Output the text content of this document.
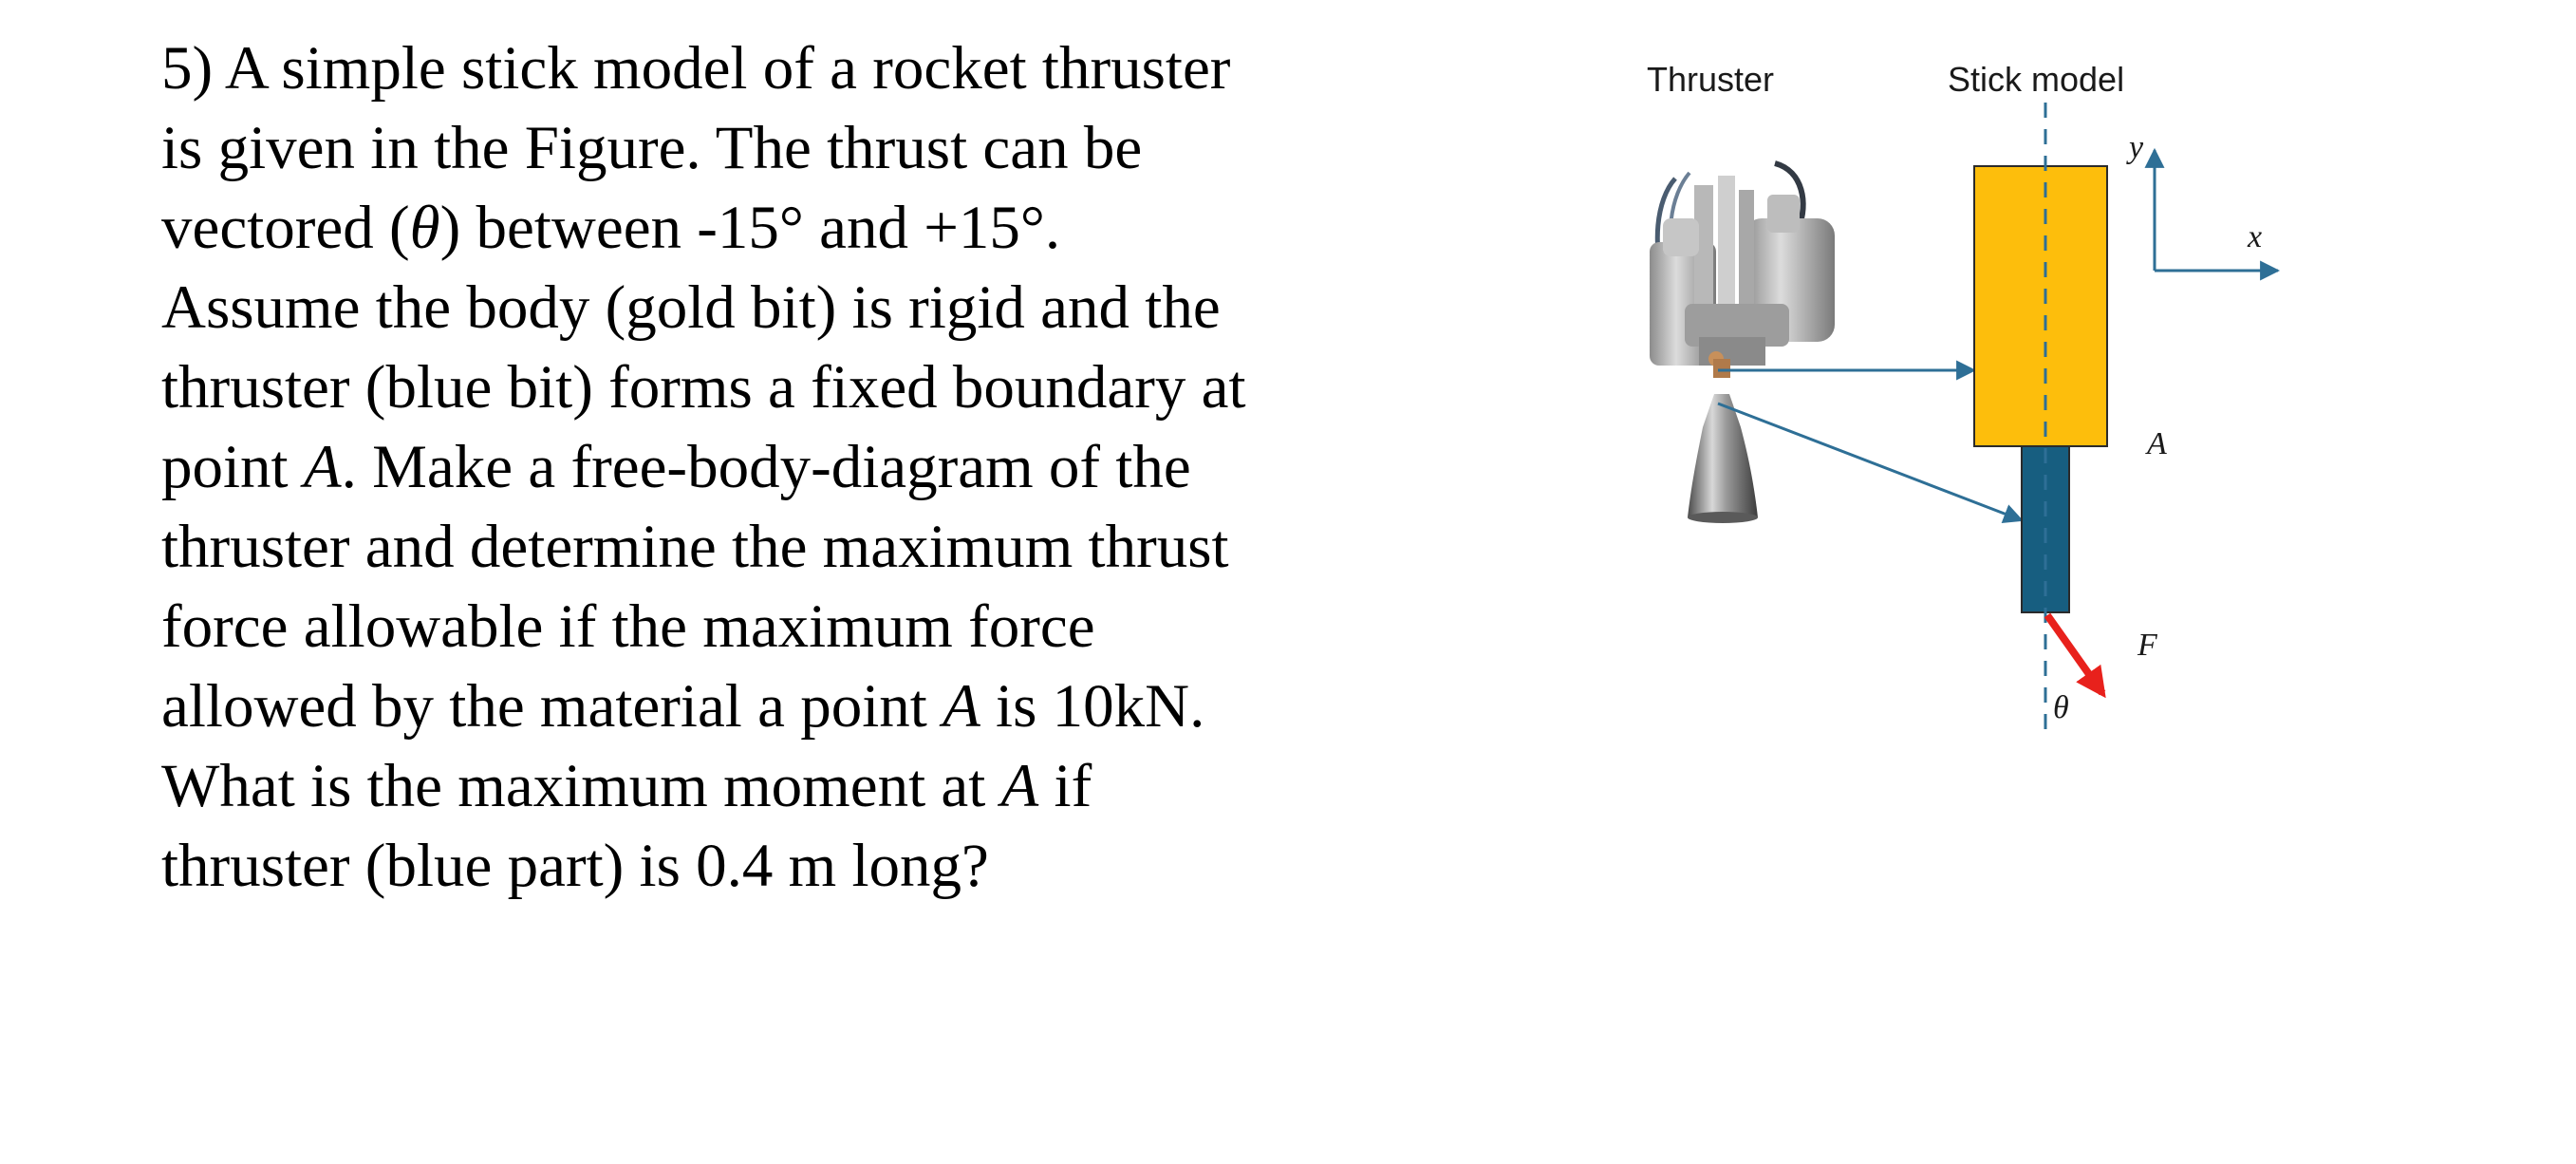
5) A simple stick model of a rocket thruster
is given in the Figure. The thrust can be
vectored (θ) between -15° and +15°.
Assume the body (gold bit) is rigid and the
thruster (blue bit) forms a fixed boundary at
point A. Make a free-body-diagram of the
thruster and determine the maximum thrust
force allowable if the maximum force
allowed by the material a point A is 10kN.
What is the maximum moment at A if
thruster (blue part) is 0.4 m long?
Thruster	Stick model
y
x
A
F
θ
